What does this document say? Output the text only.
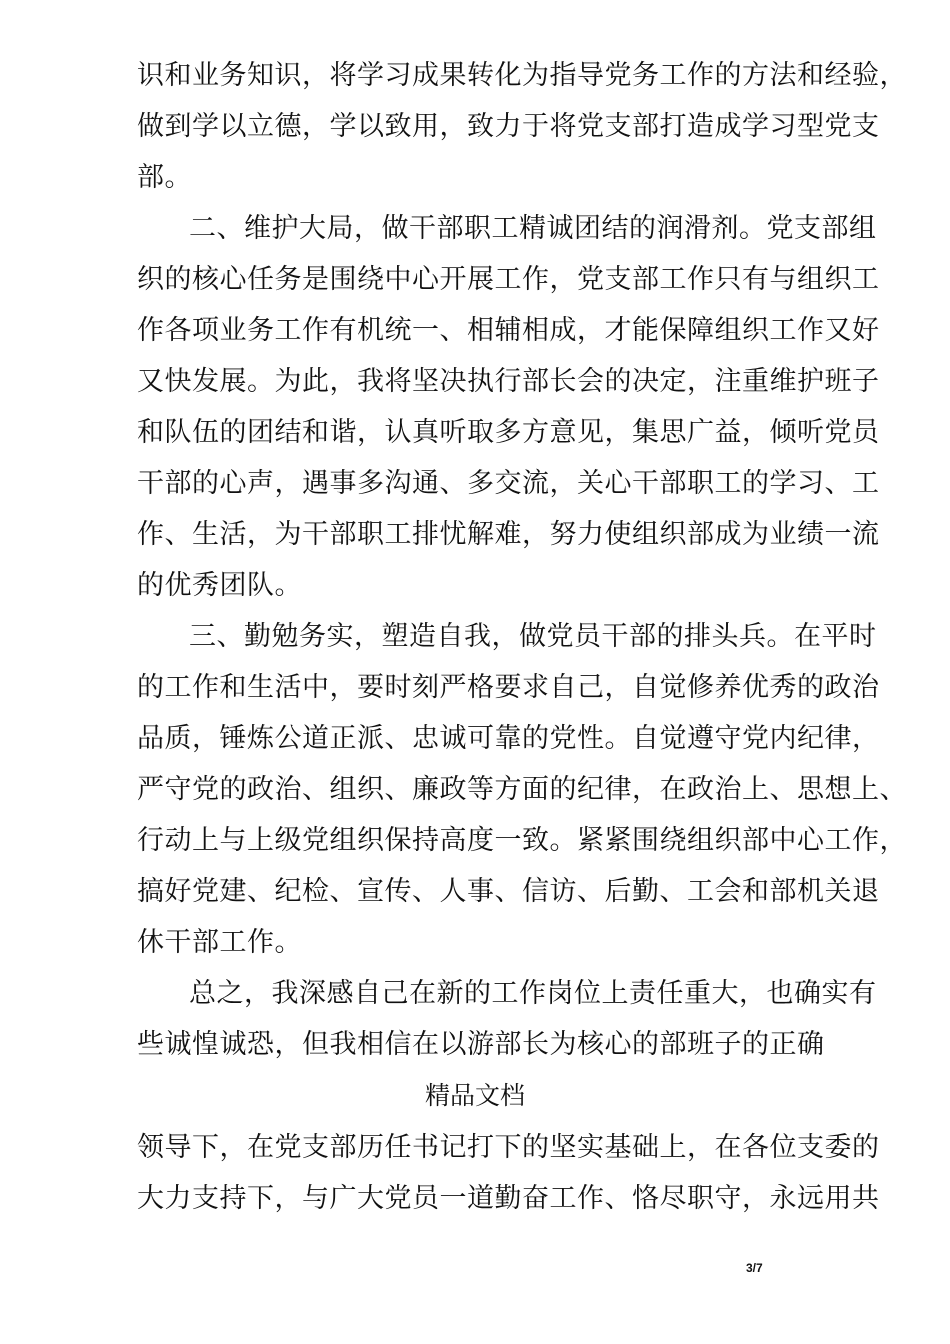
识和业务知识，将学习成果转化为指导党务工作的方法和经验，
做到学以立德，学以致用，致力于将党支部打造成学习型党支
部。
二、维护大局，做干部职工精诚团结的润滑剂。党支部组
织的核心任务是围绕中心开展工作，党支部工作只有与组织工
作各项业务工作有机统一、相辅相成，才能保障组织工作又好
又快发展。为此，我将坚决执行部长会的决定，注重维护班子
和队伍的团结和谐，认真听取多方意见，集思广益，倾听党员
干部的心声，遇事多沟通、多交流，关心干部职工的学习、工
作、生活，为干部职工排忧解难，努力使组织部成为业绩一流
的优秀团队。
三、勤勉务实，塑造自我，做党员干部的排头兵。在平时
的工作和生活中，要时刻严格要求自己，自觉修养优秀的政治
品质，锤炼公道正派、忠诚可靠的党性。自觉遵守党内纪律，
严守党的政治、组织、廉政等方面的纪律，在政治上、思想上、
行动上与上级党组织保持高度一致。紧紧围绕组织部中心工作，
搞好党建、纪检、宣传、人事、信访、后勤、工会和部机关退
休干部工作。
总之，我深感自己在新的工作岗位上责任重大，也确实有
些诚惶诚恐，但我相信在以游部长为核心的部班子的正确
精品文档
领导下，在党支部历任书记打下的坚实基础上，在各位支委的
大力支持下，与广大党员一道勤奋工作、恪尽职守，永远用共
3/7
